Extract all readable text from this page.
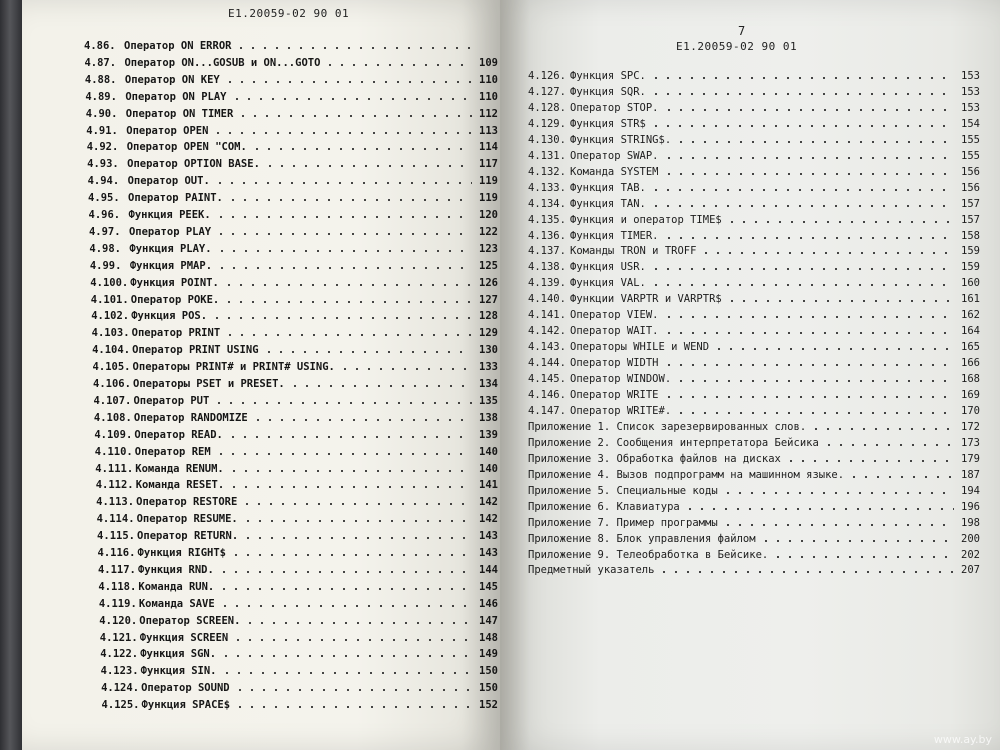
Е1.20059-02 90 01
4.86. Оператор ON ERROR
4.87. Оператор ON...GOSUB и ON...GOTO	109
4.88. Оператор ON KEY	110
4.89. Оператор ON PLAY	110
4.90. Оператор ON TIMER	112
4.91. Оператор OPEN	113
4.92. Оператор OPEN "COM.	114
4.93. Оператор OPTION BASE.	117
4.94. Оператор OUT.	119
4.95. Оператор PAINT.	119
4.96. Функция PEEK.	120
4.97. Оператор PLAY	122
4.98. Функция PLAY.	123
4.99. Функция PMAP.	125
4.100. Функция POINT.	126
4.101. Оператор POKE.	127
4.102. Функция POS.	128
4.103. Оператор PRINT	129
4.104. Оператор PRINT USING	130
4.105. Операторы PRINT# и PRINT# USING.	133
4.106. Операторы PSET и PRESET.	134
4.107. Оператор PUT	135
4.108. Оператор RANDOMIZE	138
4.109. Оператор READ.	139
4.110. Оператор REM	140
4.111. Команда RENUM.	140
4.112. Команда RESET.	141
4.113. Оператор RESTORE	142
4.114. Оператор RESUME.	142
4.115. Оператор RETURN.	143
4.116. Функция RIGHT$	143
4.117. Функция RND.	144
4.118. Команда RUN.	145
4.119. Команда SAVE	146
4.120. Оператор SCREEN.	147
4.121. Функция SCREEN	148
4.122. Функция SGN.	149
4.123. Функция SIN.	150
4.124. Оператор SOUND	150
4.125. Функция SPACE$	152
7
Е1.20059-02 90 01
4.126. Функция SPC.	153
4.127. Функция SQR.	153
4.128. Оператор STOP.	153
4.129. Функция STR$	154
4.130. Функция STRING$.	155
4.131. Оператор SWAP.	155
4.132. Команда SYSTEM	156
4.133. Функция TAB.	156
4.134. Функция TAN.	157
4.135. Функция и оператор TIME$	157
4.136. Функция TIMER.	158
4.137. Команды TRON и TROFF	159
4.138. Функция USR.	159
4.139. Функция VAL.	160
4.140. Функции VARPTR и VARPTR$	161
4.141. Оператор VIEW.	162
4.142. Оператор WAIT.	164
4.143. Операторы WHILE и WEND	165
4.144. Оператор WIDTH	166
4.145. Оператор WINDOW.	168
4.146. Оператор WRITE	169
4.147. Оператор WRITE#.	170
Приложение 1. Список зарезервированных слов.	172
Приложение 2. Сообщения интерпретатора Бейсика	173
Приложение 3. Обработка файлов на дисках	179
Приложение 4. Вызов подпрограмм на машинном языке.	187
Приложение 5. Специальные коды	194
Приложение 6. Клавиатура	196
Приложение 7. Пример программы	198
Приложение 8. Блок управления файлом	200
Приложение 9. Телеобработка в Бейсике.	202
Предметный указатель	207
www.ay.by
